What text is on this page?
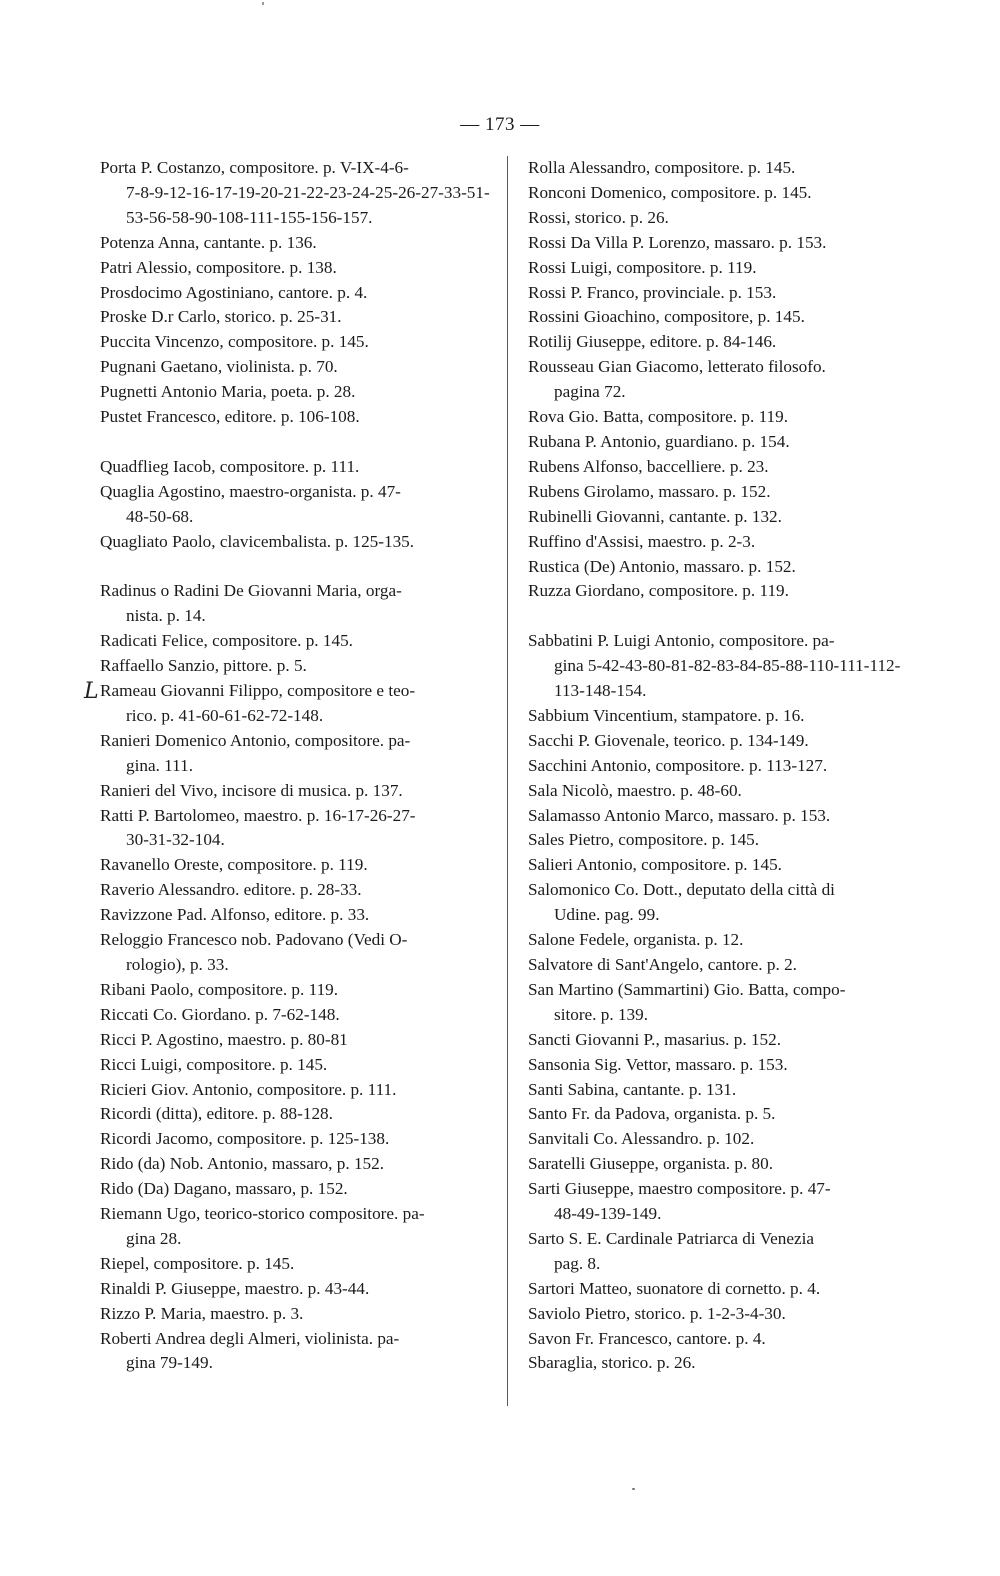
— 173 —
Porta P. Costanzo, compositore. p. V-IX-4-6-
7-8-9-12-16-17-19-20-21-22-23-24-25-26-27-33-51-
53-56-58-90-108-111-155-156-157.
Potenza Anna, cantante. p. 136.
Patri Alessio, compositore. p. 138.
Prosdocimo Agostiniano, cantore. p. 4.
Proske D.r Carlo, storico. p. 25-31.
Puccita Vincenzo, compositore. p. 145.
Pugnani Gaetano, violinista. p. 70.
Pugnetti Antonio Maria, poeta. p. 28.
Pustet Francesco, editore. p. 106-108.
Quadflieg Iacob, compositore. p. 111.
Quaglia Agostino, maestro-organista. p. 47-
48-50-68.
Quagliato Paolo, clavicembalista. p. 125-135.
Radinus o Radini De Giovanni Maria, orga-
nista. p. 14.
Radicati Felice, compositore. p. 145.
Raffaello Sanzio, pittore. p. 5.
L Rameau Giovanni Filippo, compositore e teo-
rico. p. 41-60-61-62-72-148.
Ranieri Domenico Antonio, compositore. pa-
gina. 111.
Ranieri del Vivo, incisore di musica. p. 137.
Ratti P. Bartolomeo, maestro. p. 16-17-26-27-
30-31-32-104.
Ravanello Oreste, compositore. p. 119.
Raverio Alessandro. editore. p. 28-33.
Ravizzone Pad. Alfonso, editore. p. 33.
Reloggio Francesco nob. Padovano (Vedi O-
rologio), p. 33.
Ribani Paolo, compositore. p. 119.
Riccati Co. Giordano. p. 7-62-148.
Ricci P. Agostino, maestro. p. 80-81
Ricci Luigi, compositore. p. 145.
Ricieri Giov. Antonio, compositore. p. 111.
Ricordi (ditta), editore. p. 88-128.
Ricordi Jacomo, compositore. p. 125-138.
Rido (da) Nob. Antonio, massaro, p. 152.
Rido (Da) Dagano, massaro, p. 152.
Riemann Ugo, teorico-storico compositore. pa-
gina 28.
Riepel, compositore. p. 145.
Rinaldi P. Giuseppe, maestro. p. 43-44.
Rizzo P. Maria, maestro. p. 3.
Roberti Andrea degli Almeri, violinista. pa-
gina 79-149.
Rolla Alessandro, compositore. p. 145.
Ronconi Domenico, compositore. p. 145.
Rossi, storico. p. 26.
Rossi Da Villa P. Lorenzo, massaro. p. 153.
Rossi Luigi, compositore. p. 119.
Rossi P. Franco, provinciale. p. 153.
Rossini Gioachino, compositore, p. 145.
Rotilij Giuseppe, editore. p. 84-146.
Rousseau Gian Giacomo, letterato filosofo.
pagina 72.
Rova Gio. Batta, compositore. p. 119.
Rubana P. Antonio, guardiano. p. 154.
Rubens Alfonso, baccelliere. p. 23.
Rubens Girolamo, massaro. p. 152.
Rubinelli Giovanni, cantante. p. 132.
Ruffino d'Assisi, maestro. p. 2-3.
Rustica (De) Antonio, massaro. p. 152.
Ruzza Giordano, compositore. p. 119.
Sabbatini P. Luigi Antonio, compositore. pa-
gina 5-42-43-80-81-82-83-84-85-88-110-111-112-
113-148-154.
Sabbium Vincentium, stampatore. p. 16.
Sacchi P. Giovenale, teorico. p. 134-149.
Sacchini Antonio, compositore. p. 113-127.
Sala Nicolò, maestro. p. 48-60.
Salamasso Antonio Marco, massaro. p. 153.
Sales Pietro, compositore. p. 145.
Salieri Antonio, compositore. p. 145.
Salomonico Co. Dott., deputato della città di
Udine. pag. 99.
Salone Fedele, organista. p. 12.
Salvatore di Sant'Angelo, cantore. p. 2.
San Martino (Sammartini) Gio. Batta, compo-
sitore. p. 139.
Sancti Giovanni P., masarius. p. 152.
Sansonia Sig. Vettor, massaro. p. 153.
Santi Sabina, cantante. p. 131.
Santo Fr. da Padova, organista. p. 5.
Sanvitali Co. Alessandro. p. 102.
Saratelli Giuseppe, organista. p. 80.
Sarti Giuseppe, maestro compositore. p. 47-
48-49-139-149.
Sarto S. E. Cardinale Patriarca di Venezia
pag. 8.
Sartori Matteo, suonatore di cornetto. p. 4.
Saviolo Pietro, storico. p. 1-2-3-4-30.
Savon Fr. Francesco, cantore. p. 4.
Sbaraglia, storico. p. 26.
